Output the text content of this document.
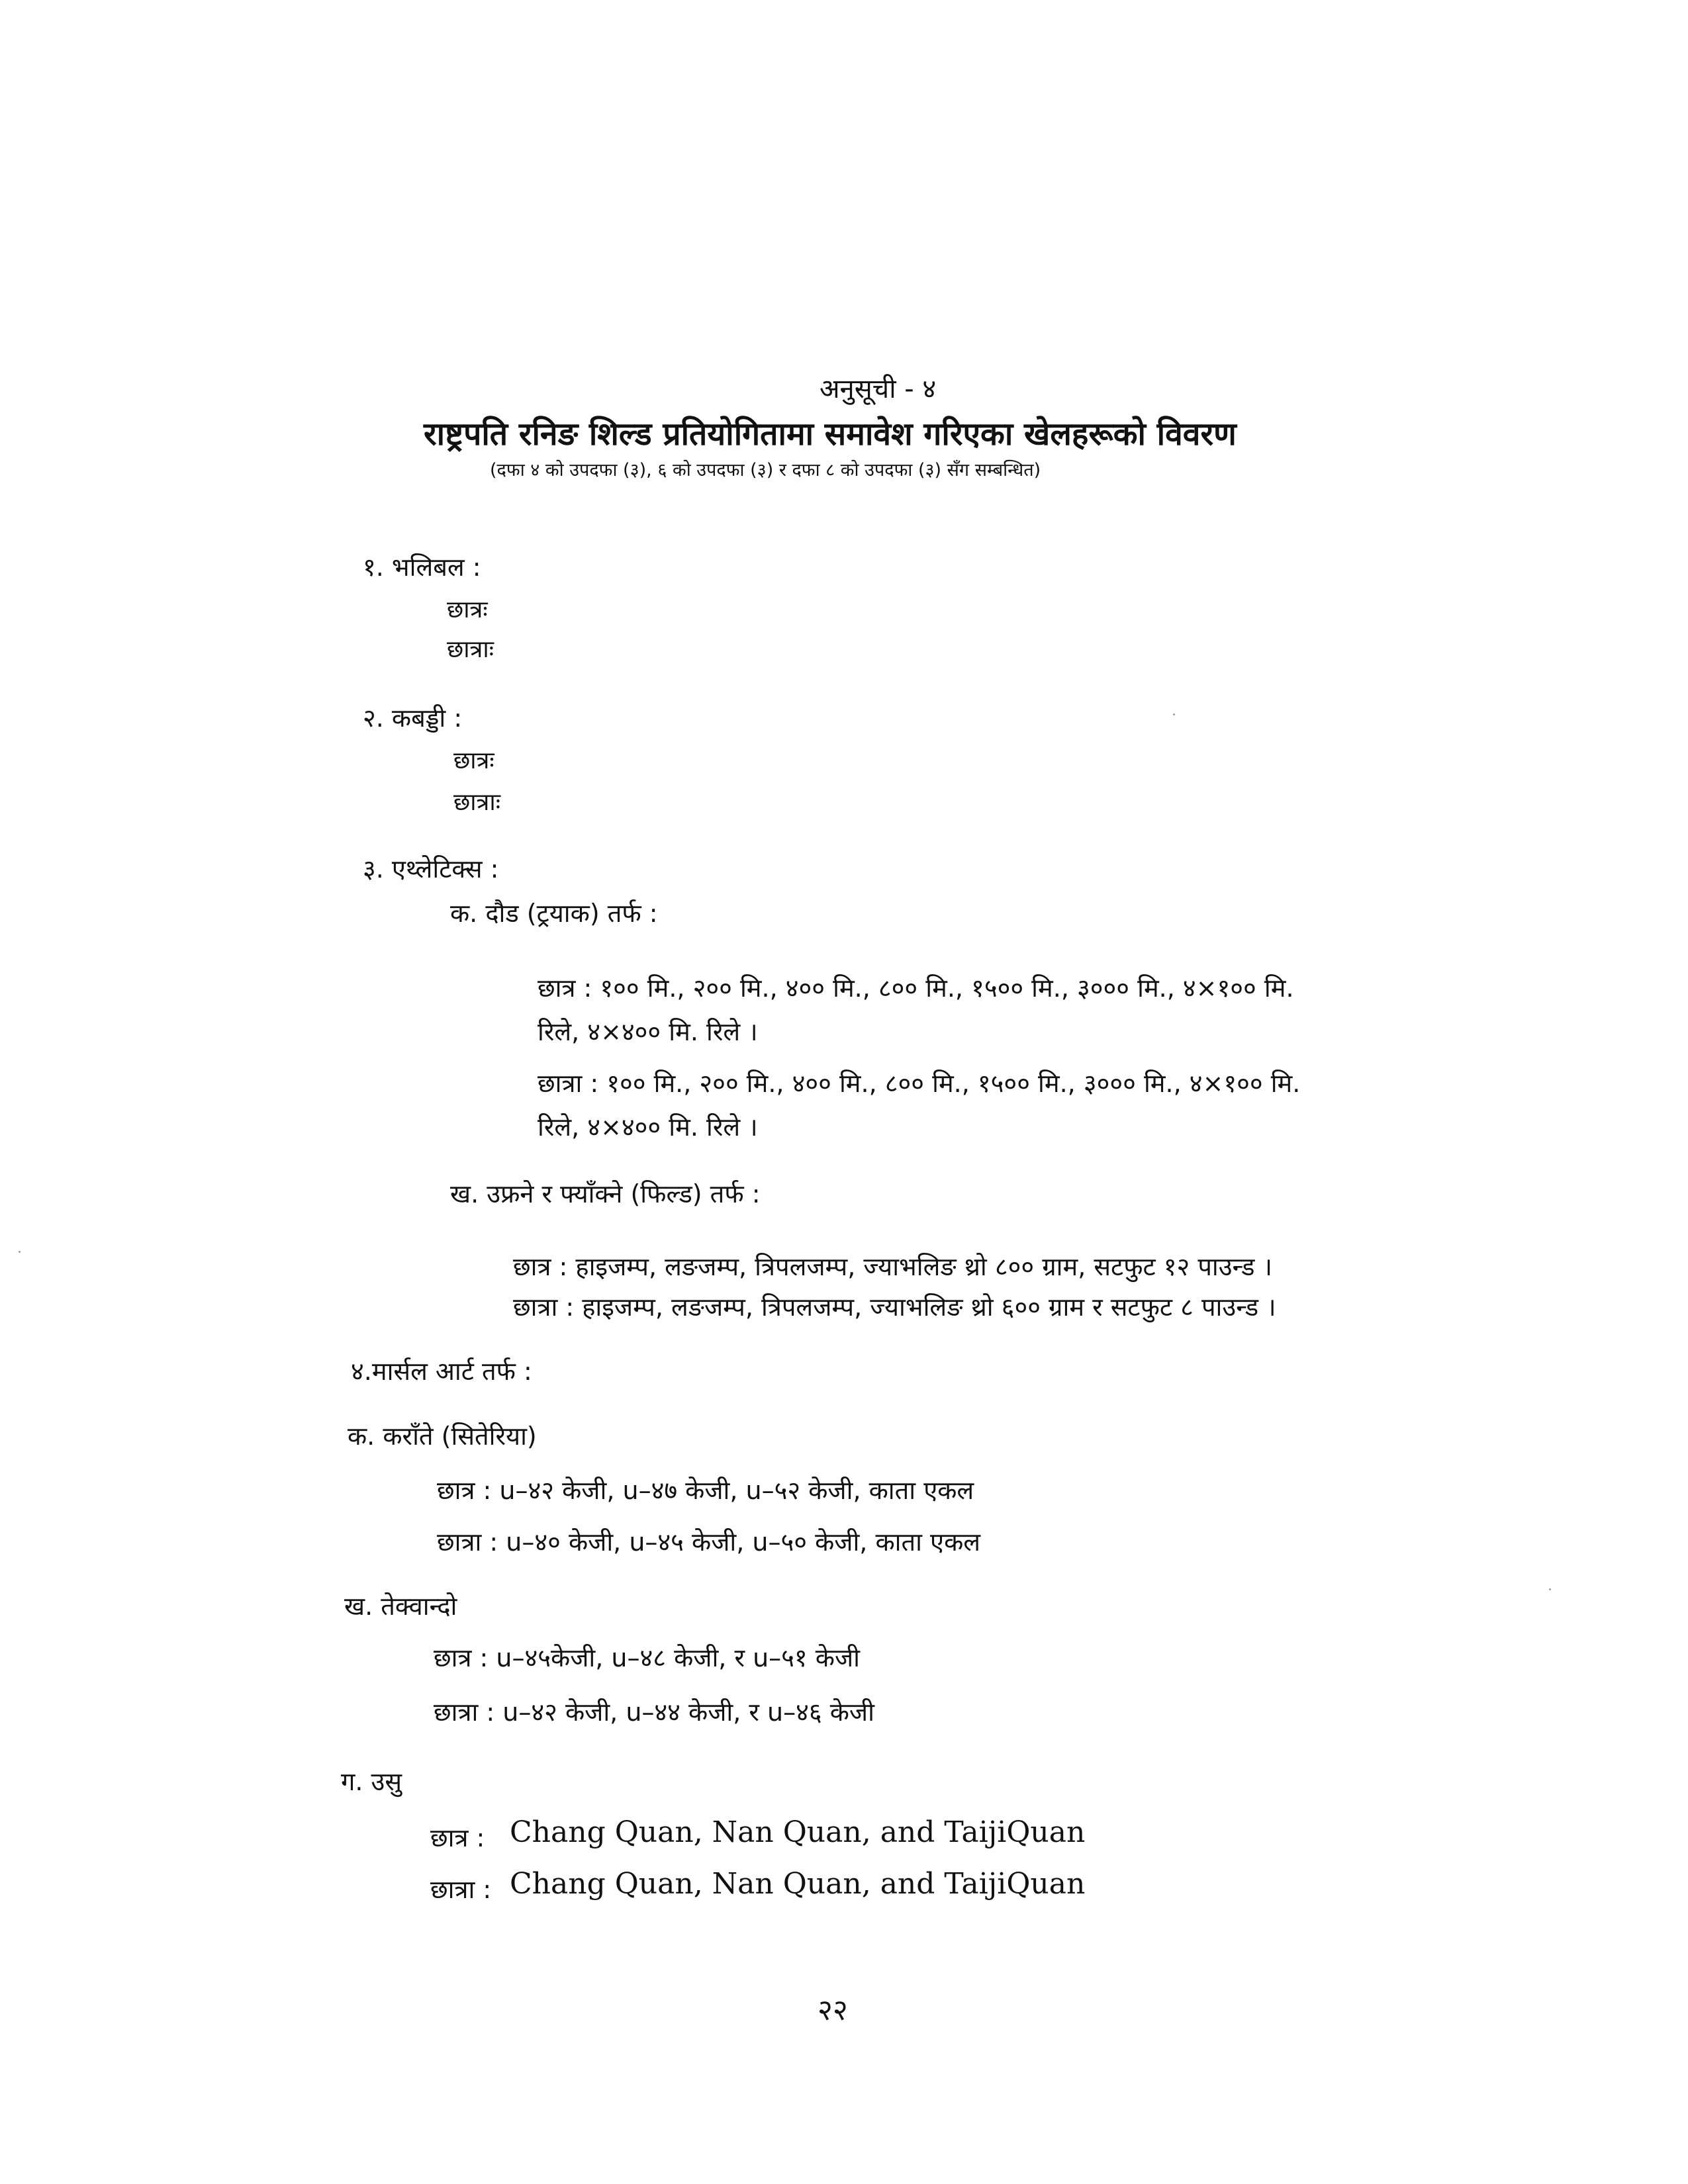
अनुसूची - ४
राष्ट्रपति रनिङ शिल्ड प्रतियोगितामा समावेश गरिएका खेलहरूको विवरण
(दफा ४ को उपदफा (३), ६ को उपदफा (३) र दफा ८ को उपदफा (३) सँग सम्बन्धित)
१. भलिबल :
छात्रः
छात्राः
२. कबड्डी :
छात्रः
छात्राः
३. एथ्लेटिक्स :
क. दौड (ट्रयाक) तर्फ :
छात्र : १०० मि., २०० मि., ४०० मि., ८०० मि., १५०० मि., ३००० मि., ४×१०० मि.
रिले, ४×४०० मि. रिले ।
छात्रा : १०० मि., २०० मि., ४०० मि., ८०० मि., १५०० मि., ३००० मि., ४×१०० मि.
रिले, ४×४०० मि. रिले ।
ख. उफ्रने र फ्याँक्ने (फिल्ड) तर्फ :
छात्र : हाइजम्प, लङजम्प, त्रिपलजम्प, ज्याभलिङ थ्रो ८०० ग्राम, सटफुट १२ पाउन्ड ।
छात्रा : हाइजम्प, लङजम्प, त्रिपलजम्प, ज्याभलिङ थ्रो ६०० ग्राम र सटफुट ८ पाउन्ड ।
४.मार्सल आर्ट तर्फ :
क. कराँते (सितेरिया)
छात्र : u–४२ केजी, u–४७ केजी, u–५२ केजी, काता एकल
छात्रा : u–४० केजी, u–४५ केजी, u–५० केजी, काता एकल
ख. तेक्वान्दो
छात्र : u–४५केजी, u–४८ केजी, र u–५१ केजी
छात्रा : u–४२ केजी, u–४४ केजी, र u–४६ केजी
ग. उसु
छात्र : Chang Quan, Nan Quan, and TaijiQuan
छात्रा : Chang Quan, Nan Quan, and TaijiQuan
२२
